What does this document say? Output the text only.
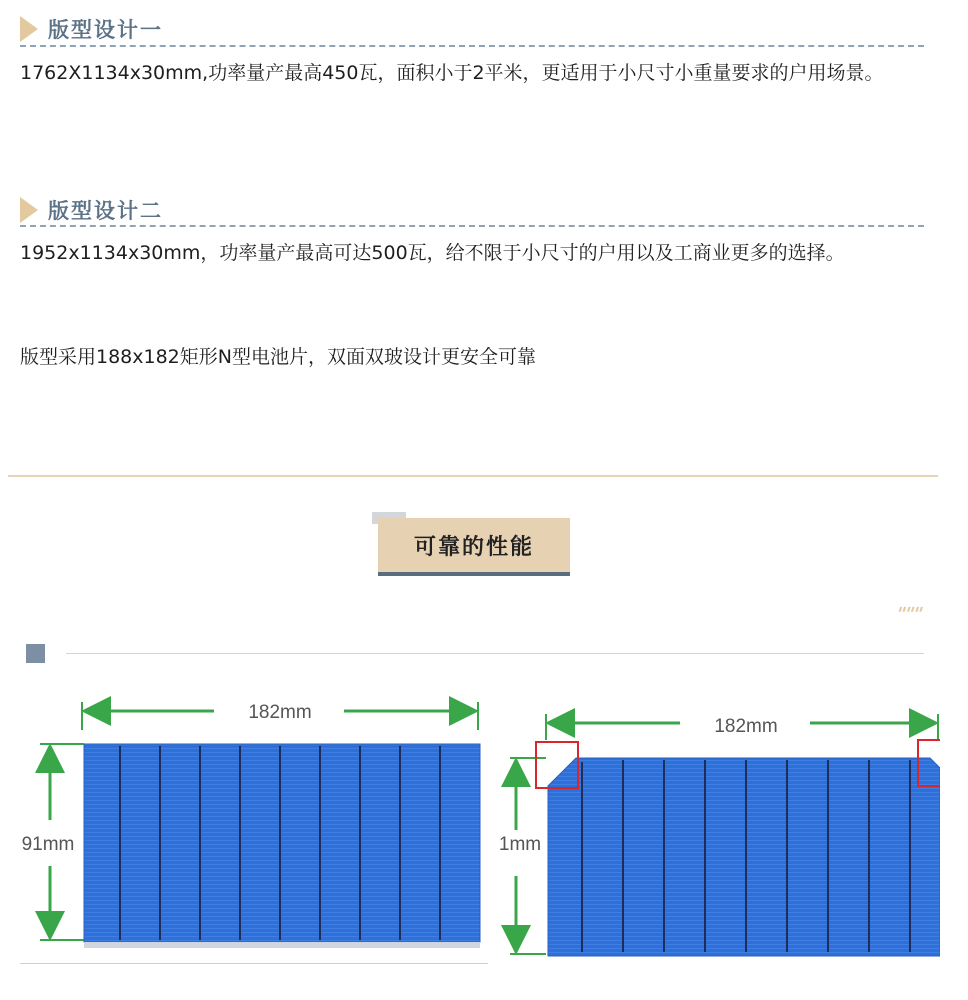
版型设计一
1762X1134x30mm,功率量产最高450瓦，面积小于2平米，更适用于小尺寸小重量要求的户用场景。
版型设计二
1952x1134x30mm，功率量产最高可达500瓦，给不限于小尺寸的户用以及工商业更多的选择。
版型采用188x182矩形N型电池片，双面双玻设计更安全可靠
可靠的性能
"""
182mm
91mm
182mm
1mm
